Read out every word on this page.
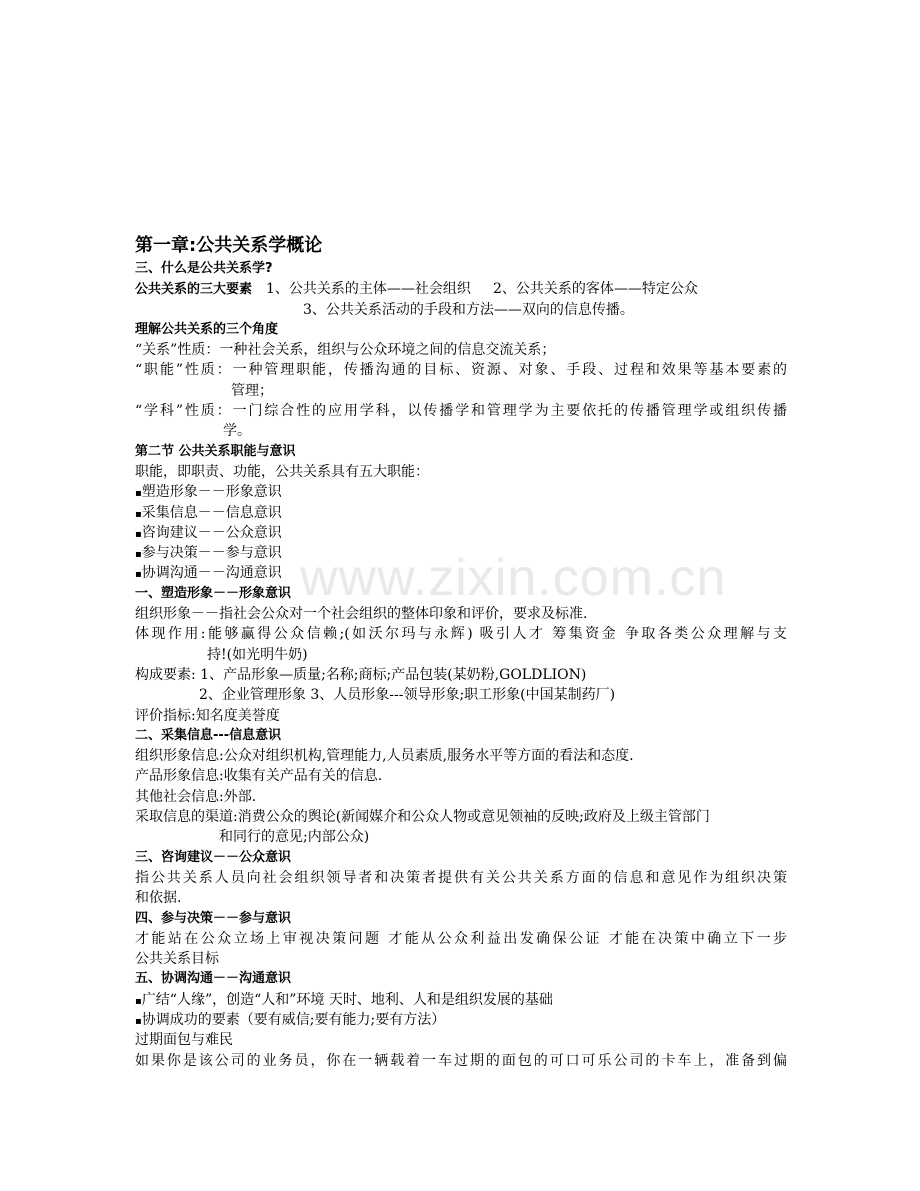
www.zixin.com.cn
第一章:公共关系学概论
三、什么是公共关系学?
公共关系的三大要素 1、公共关系的主体——社会组织 2、公共关系的客体——特定公众
3、公共关系活动的手段和方法——双向的信息传播。
理解公共关系的三个角度
“关系”性质：一种社会关系，组织与公众环境之间的信息交流关系；
“职能”性质：一种管理职能，传播沟通的目标、资源、对象、手段、过程和效果等基本要素的
管理；
“学科”性质：一门综合性的应用学科，以传播学和管理学为主要依托的传播管理学或组织传播
学。
第二节 公共关系职能与意识
职能，即职责、功能，公共关系具有五大职能：
▪塑造形象－－形象意识
▪采集信息－－信息意识
▪咨询建议－－公众意识
▪参与决策－－参与意识
▪协调沟通－－沟通意识
一、塑造形象－－形象意识
组织形象－－指社会公众对一个社会组织的整体印象和评价，要求及标准.
体现作用:能够赢得公众信赖;(如沃尔玛与永辉) 吸引人才 筹集资金 争取各类公众理解与支
持!(如光明牛奶)
构成要素: 1、产品形象—质量;名称;商标;产品包装(某奶粉,GOLDLION)
2、企业管理形象 3、人员形象---领导形象;职工形象(中国某制药厂)
评价指标:知名度美誉度
二、采集信息---信息意识
组织形象信息:公众对组织机构,管理能力,人员素质,服务水平等方面的看法和态度.
产品形象信息:收集有关产品有关的信息.
其他社会信息:外部.
采取信息的渠道:消费公众的舆论(新闻媒介和公众人物或意见领袖的反映;政府及上级主管部门
和同行的意见;内部公众)
三、咨询建议－－公众意识
指公共关系人员向社会组织领导者和决策者提供有关公共关系方面的信息和意见作为组织决策
和依据.
四、参与决策－－参与意识
才能站在公众立场上审视决策问题 才能从公众利益出发确保公证 才能在决策中确立下一步
公共关系目标
五、协调沟通－－沟通意识
▪广结“人缘”，创造“人和”环境 天时、地利、人和是组织发展的基础
▪协调成功的要素（要有威信;要有能力;要有方法）
过期面包与难民
如果你是该公司的业务员，你在一辆载着一车过期的面包的可口可乐公司的卡车上，准备到偏
